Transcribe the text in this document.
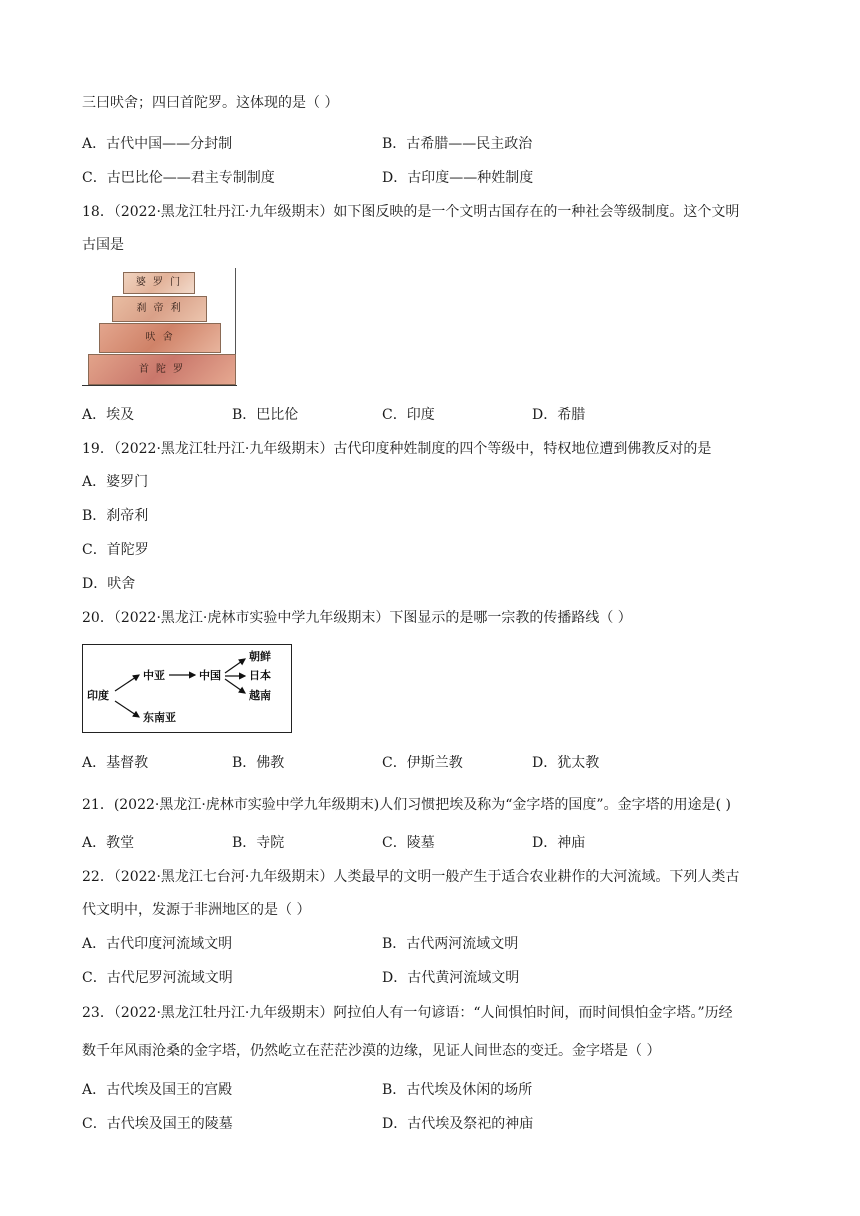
三曰吠舍；四曰首陀罗。这体现的是（ ）
A．古代中国——分封制	B．古希腊——民主政治
C．古巴比伦——君主专制制度	D．古印度——种姓制度
18．（2022·黑龙江牡丹江·九年级期末）如下图反映的是一个文明古国存在的一种社会等级制度。这个文明
古国是
婆 罗 门
刹 帝 利
吠 舍
首 陀 罗
A．埃及	B．巴比伦	C．印度	D．希腊
19．（2022·黑龙江牡丹江·九年级期末）古代印度种姓制度的四个等级中，特权地位遭到佛教反对的是
A．婆罗门
B．刹帝利
C．首陀罗
D．吠舍
20．（2022·黑龙江·虎林市实验中学九年级期末）下图显示的是哪一宗教的传播路线（ ）
印度
中亚	中国
朝鲜
日本
越南
东南亚
A．基督教	B．佛教	C．伊斯兰教	D．犹太教
21．(2022·黑龙江·虎林市实验中学九年级期末)人们习惯把埃及称为“金字塔的国度”。金字塔的用途是( )
A．教堂	B．寺院	C．陵墓	D．神庙
22．（2022·黑龙江七台河·九年级期末）人类最早的文明一般产生于适合农业耕作的大河流域。下列人类古
代文明中，发源于非洲地区的是（ ）
A．古代印度河流域文明	B．古代两河流域文明
C．古代尼罗河流域文明	D．古代黄河流域文明
23．（2022·黑龙江牡丹江·九年级期末）阿拉伯人有一句谚语：“人间惧怕时间，而时间惧怕金字塔。”历经
数千年风雨沧桑的金字塔，仍然屹立在茫茫沙漠的边缘，见证人间世态的变迁。金字塔是（ ）
A．古代埃及国王的宫殿	B．古代埃及休闲的场所
C．古代埃及国王的陵墓	D．古代埃及祭祀的神庙
